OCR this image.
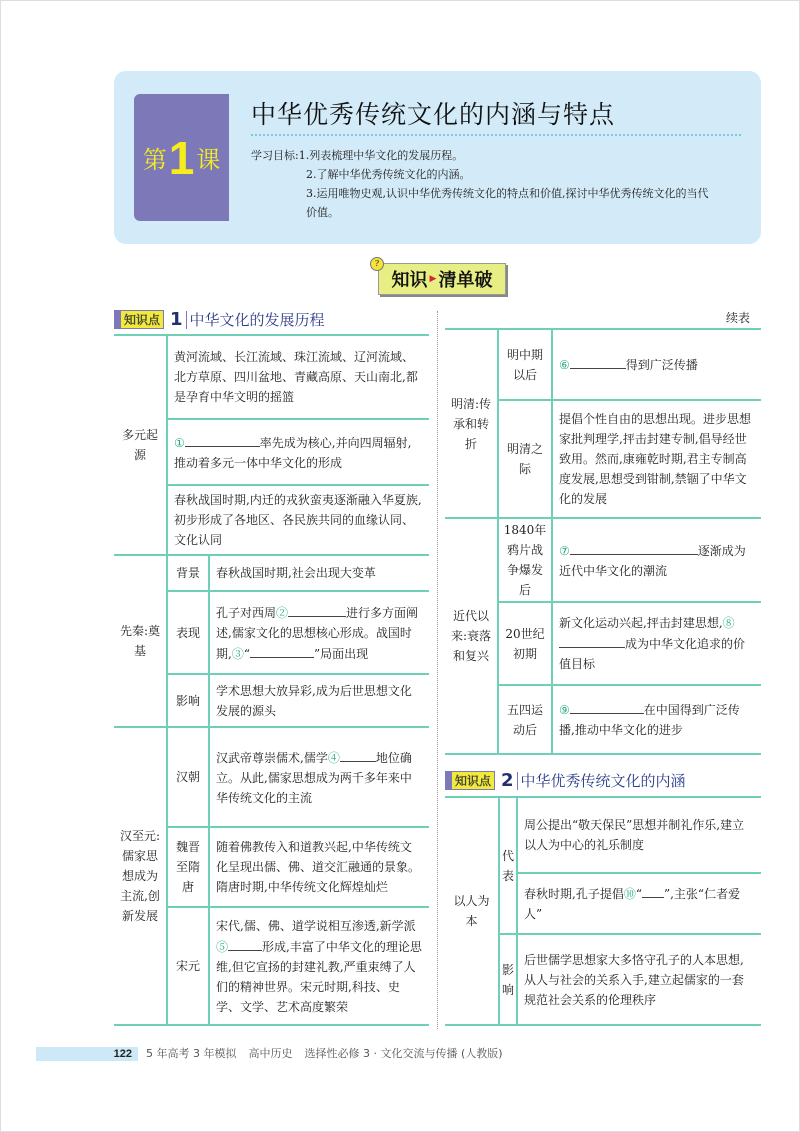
第 1 课
中华优秀传统文化的内涵与特点
学习目标:1.列表梳理中华文化的发展历程。
2.了解中华优秀传统文化的内涵。
3.运用唯物史观,认识中华优秀传统文化的特点和价值,探讨中华优秀传统文化的当代
价值。
知识 ▶ 清单破
?
知识点 1 中华文化的发展历程
多元起源	黄河流域、长江流域、珠江流域、辽河流域、北方草原、四川盆地、青藏高原、天山南北,都是孕育中华文明的摇篮	
	① 率先成为核心,并向四周辐射,推动着多元一体中华文化的形成	
	春秋战国时期,内迁的戎狄蛮夷逐渐融入华夏族,初步形成了各地区、各民族共同的血缘认同、文化认同	
先秦:奠基	背景	春秋战国时期,社会出现大变革
	表现	孔子对西周② 进行多方面阐述,儒家文化的思想核心形成。战国时期,③“ ”局面出现
	影响	学术思想大放异彩,成为后世思想文化发展的源头
汉至元:儒家思想成为主流,创新发展	汉朝	汉武帝尊崇儒术,儒学④ 地位确立。从此,儒家思想成为两千多年来中华传统文化的主流
	魏晋至隋唐	随着佛教传入和道教兴起,中华传统文化呈现出儒、佛、道交汇融通的景象。隋唐时期,中华传统文化辉煌灿烂
	宋元	宋代,儒、佛、道学说相互渗透,新学派⑤ 形成,丰富了中华文化的理论思维,但它宣扬的封建礼教,严重束缚了人们的精神世界。宋元时期,科技、史学、文学、艺术高度繁荣
续表
明清:传承和转折	明中期以后	⑥ 得到广泛传播
	明清之际	提倡个性自由的思想出现。进步思想家批判理学,抨击封建专制,倡导经世致用。然而,康雍乾时期,君主专制高度发展,思想受到钳制,禁锢了中华文化的发展
近代以来:衰落和复兴	1840年鸦片战争爆发后	⑦ 逐渐成为近代中华文化的潮流
	20世纪初期	新文化运动兴起,抨击封建思想,⑧成为中华文化追求的价值目标
	五四运动后	⑨ 在中国得到广泛传播,推动中华文化的进步
知识点 2 中华优秀传统文化的内涵
以人为本	代表	周公提出“敬天保民”思想并制礼作乐,建立以人为中心的礼乐制度
		春秋时期,孔子提倡⑩“ ”,主张“仁者爱人”
	影响	后世儒学思想家大多恪守孔子的人本思想,从人与社会的关系入手,建立起儒家的一套规范社会关系的伦理秩序
122	5 年高考 3 年模拟 高中历史 选择性必修 3 · 文化交流与传播 (人教版)
